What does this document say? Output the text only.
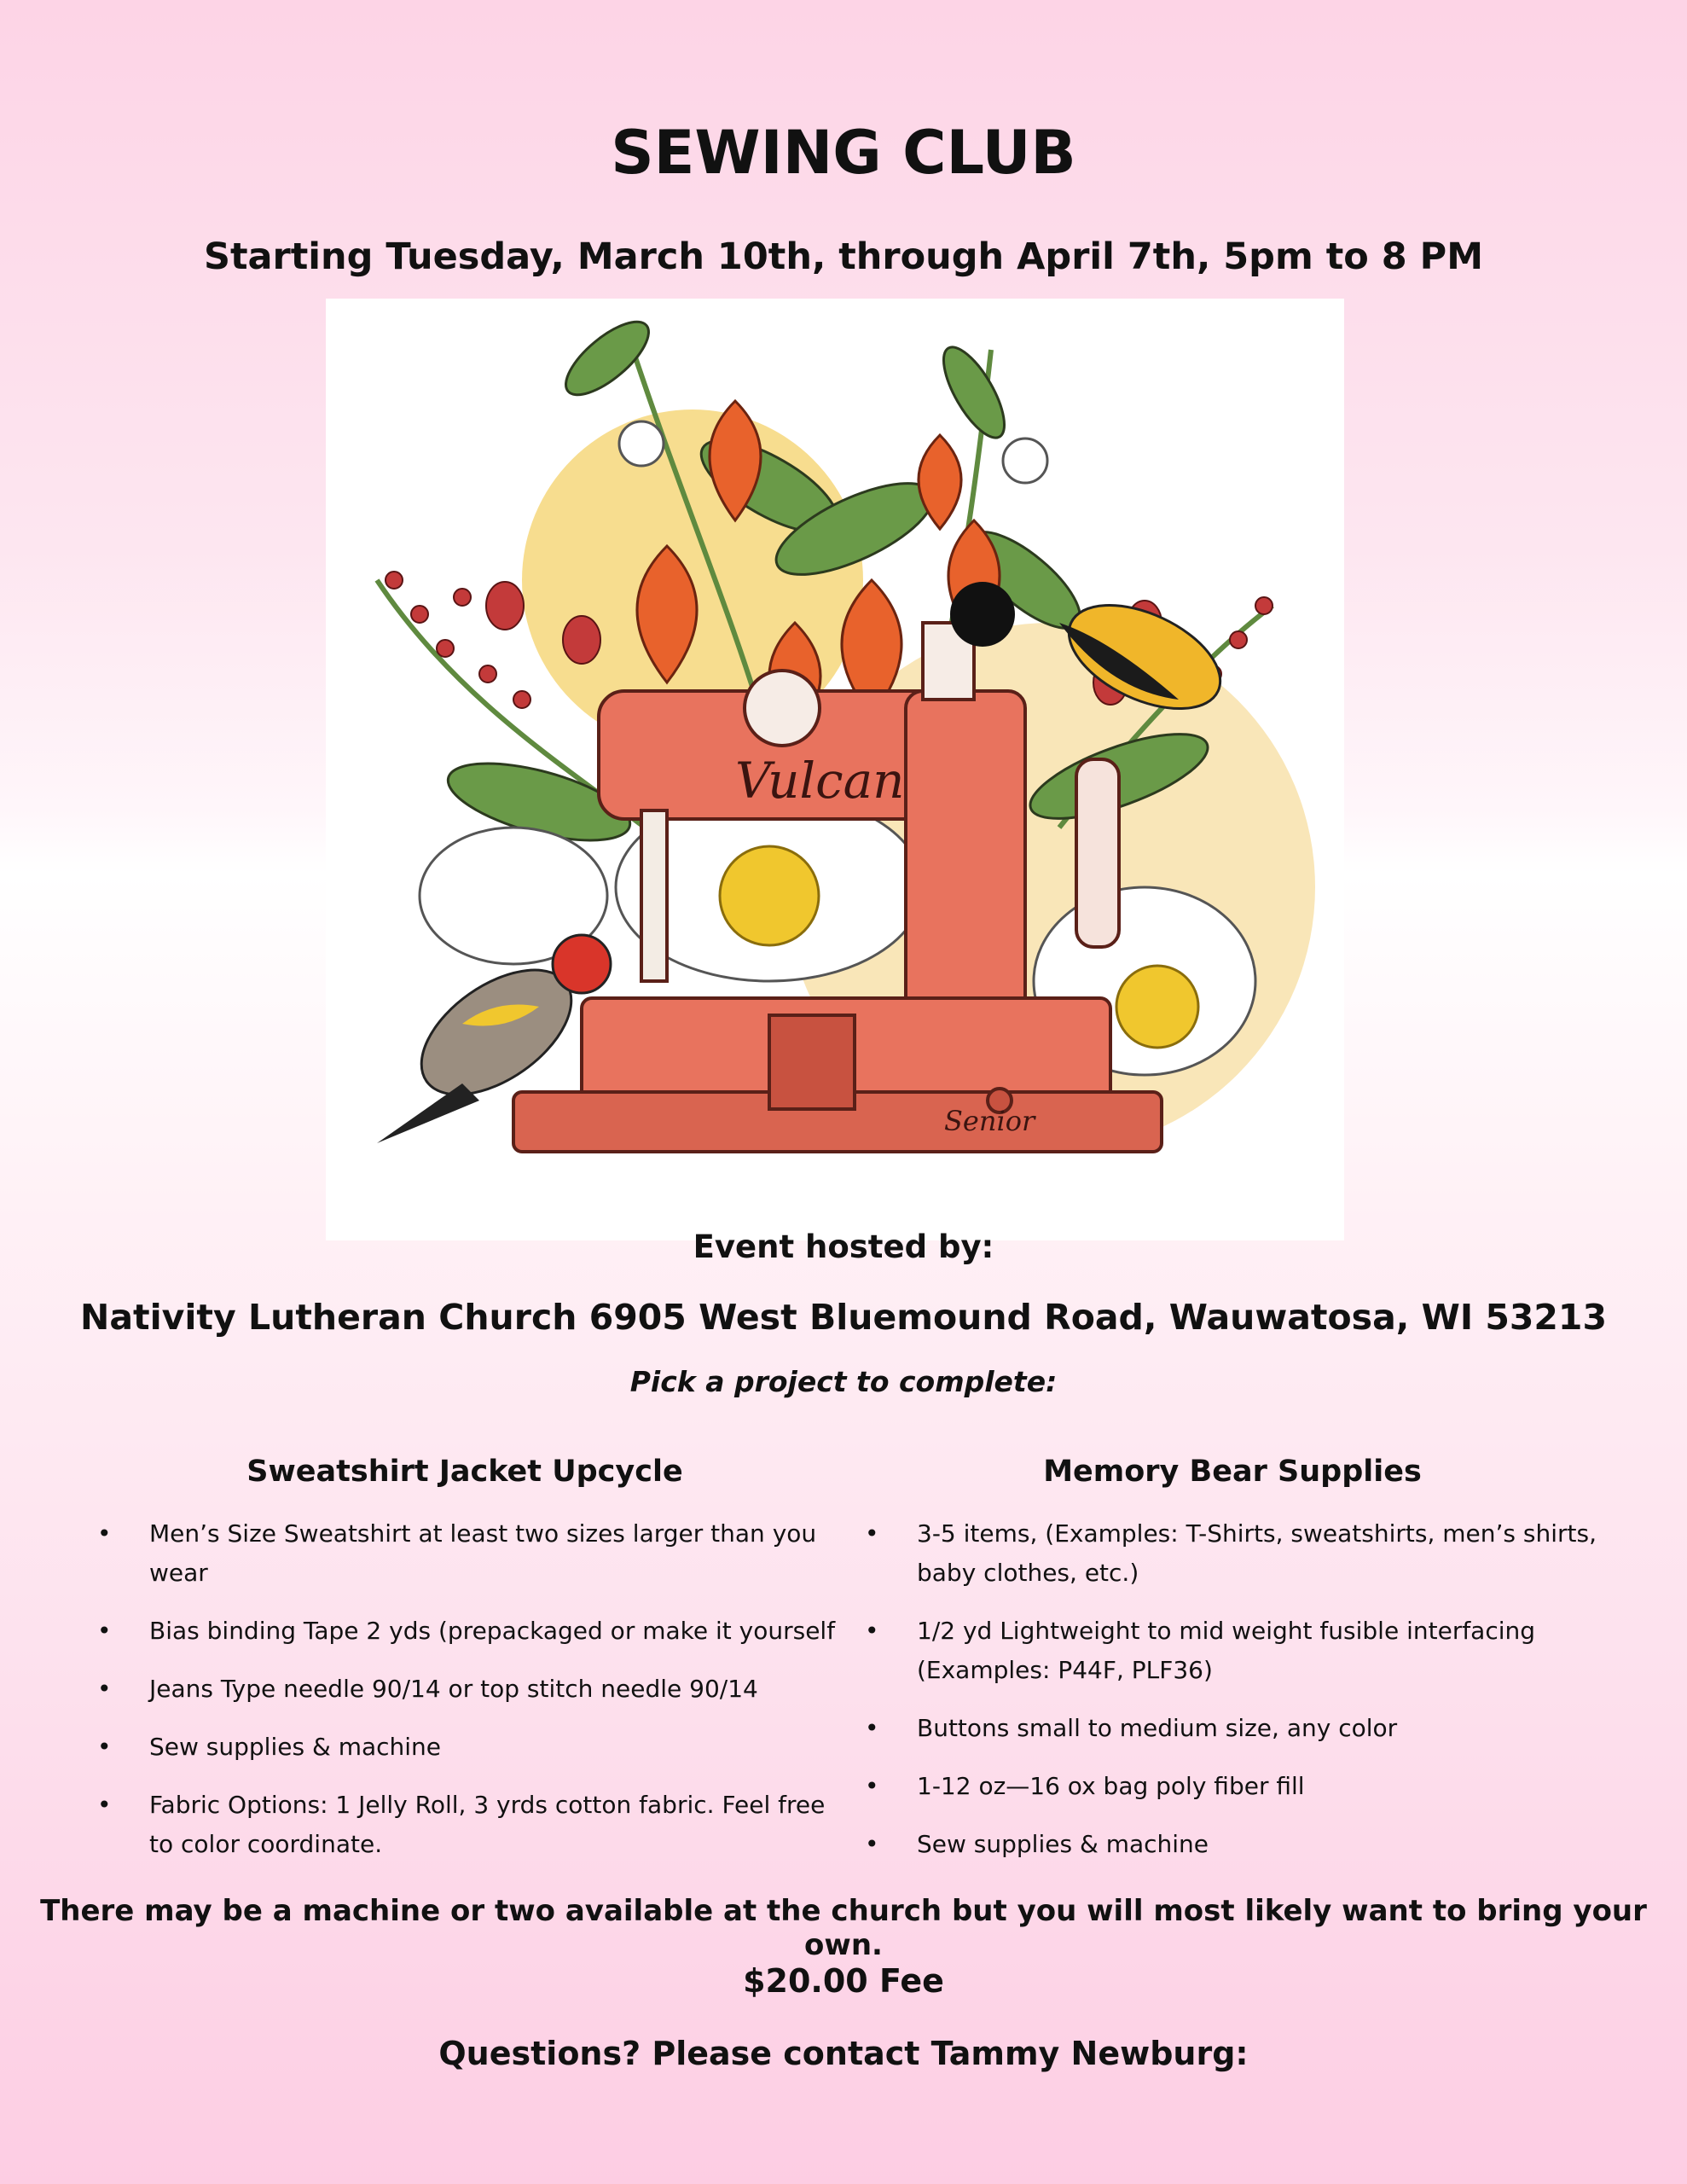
SEWING CLUB
Starting Tuesday, March 10th, through April 7th, 5pm to 8 PM
Vulcan
Senior
Event hosted by:
Nativity Lutheran Church 6905 West Bluemound Road, Wauwatosa, WI 53213
Pick a project to complete:
Sweatshirt Jacket Upcycle
• Men’s Size Sweatshirt at least two sizes larger than you wear
• Bias binding Tape 2 yds (prepackaged or make it yourself
• Jeans Type needle 90/14 or top stitch needle 90/14
• Sew supplies & machine
• Fabric Options: 1 Jelly Roll, 3 yrds cotton fabric. Feel free to color coordinate.
Memory Bear Supplies
• 3-5 items, (Examples: T-Shirts, sweatshirts, men’s shirts, baby clothes, etc.)
• 1/2 yd Lightweight to mid weight fusible interfacing (Examples: P44F, PLF36)
• Buttons small to medium size, any color
• 1-12 oz—16 ox bag poly fiber fill
• Sew supplies & machine
There may be a machine or two available at the church but you will most likely want to bring your own.
$20.00 Fee
Questions? Please contact Tammy Newburg:
